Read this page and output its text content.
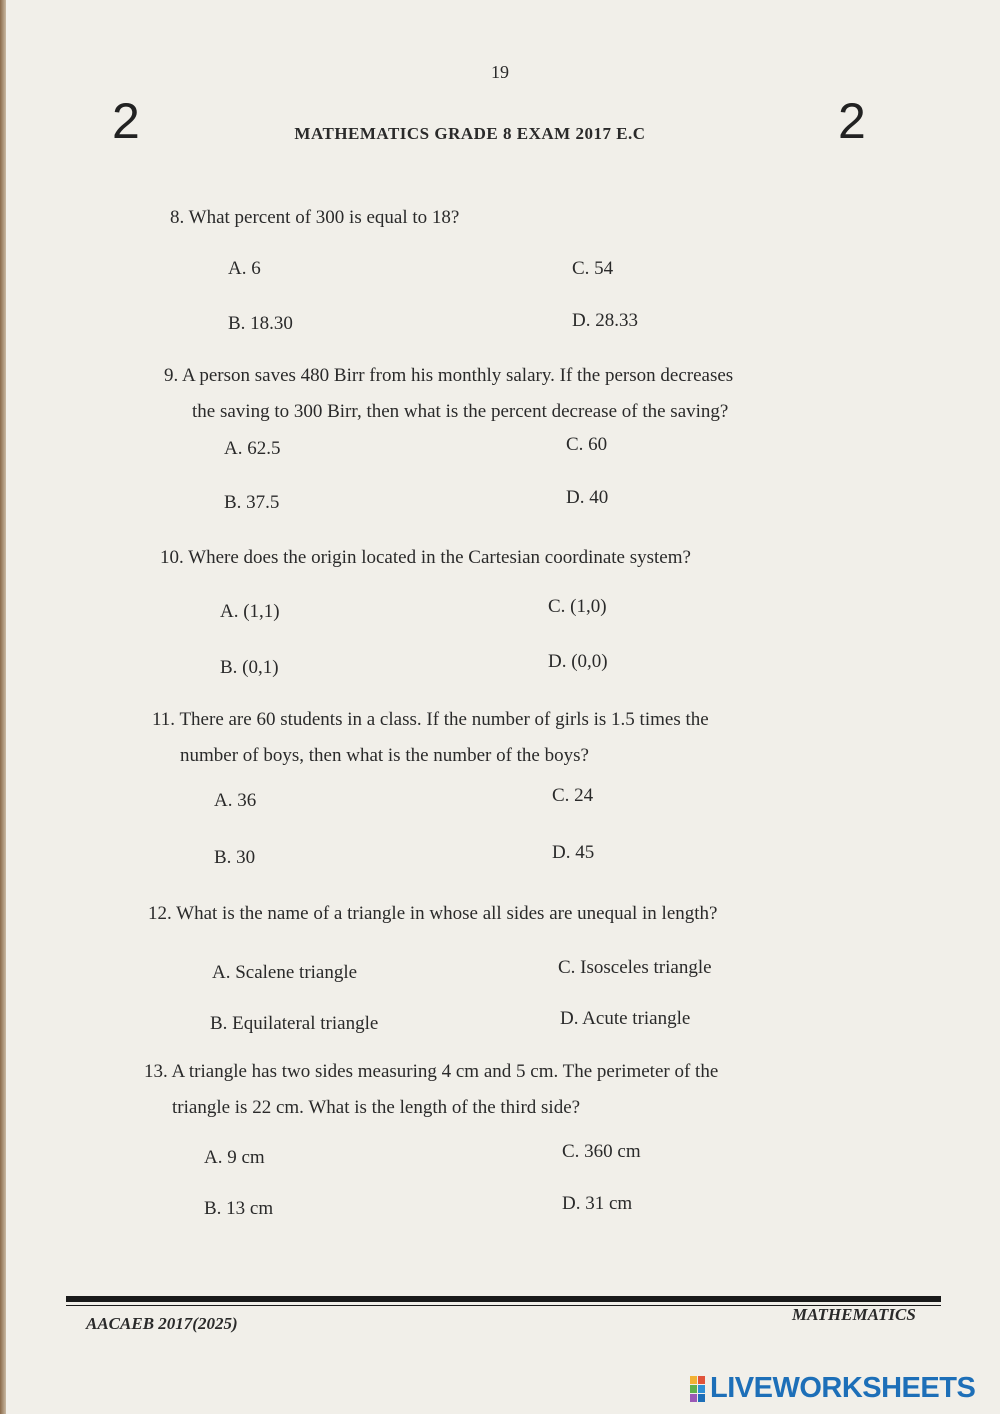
19
2	2
MATHEMATICS GRADE 8 EXAM 2017 E.C

8. What percent of 300 is equal to 18?

A. 6
B. 18.30
C. 54
D. 28.33

9. A person saves 480 Birr from his monthly salary. If the person decreases
the saving to 300 Birr, then what is the percent decrease of the saving?

A. 62.5
B. 37.5
C. 60
D. 40

10. Where does the origin located in the Cartesian coordinate system?

A. (1,1)
B. (0,1)
C. (1,0)
D. (0,0)

11. There are 60 students in a class. If the number of girls is 1.5 times the
number of boys, then what is the number of the boys?

A. 36
B. 30
C. 24
D. 45

12. What is the name of a triangle in whose all sides are unequal in length?

A. Scalene triangle
B. Equilateral triangle
C. Isosceles triangle
D. Acute triangle

13. A triangle has two sides measuring 4 cm and 5 cm. The perimeter of the
triangle is 22 cm. What is the length of the third side?

A. 9 cm
B. 13 cm
C. 360 cm
D. 31 cm
AACAEB 2017(2025)	MATHEMATICS
LIVEWORKSHEETS
